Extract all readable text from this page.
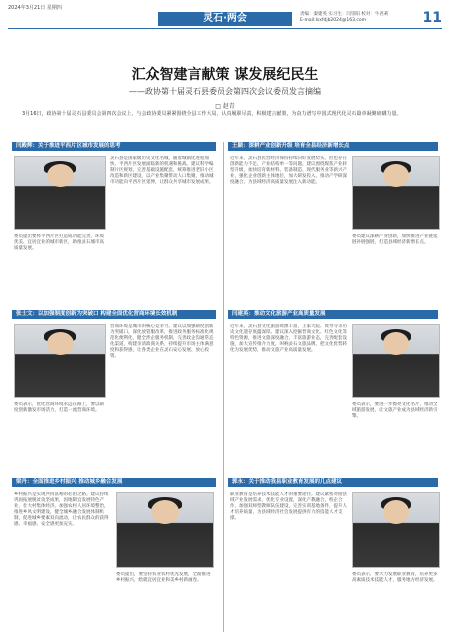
2024年3月21日 星期四
灵石·两会	责编：秦建英 实习生：闫崇阳 校对：牛君莉
E-mail:lsxfdjb2024@163.com	11
汇众智建言献策 谋发展纪民生
——政协第十届灵石县委员会第四次会议委员发言摘编
□ 赵青
3月16日，政协第十届灵石县委员会第四次会议上，与会政协委员紧紧围绕全县工作大局，认真履职尽责，积极建言献策，为奋力谱写中国式现代化灵石篇章凝聚磅礴力量。
闫殿辉：关于推进平西片区城市发展的思考
灵石县是国家级历史文化名城，随着城镇化进程加快，平西片区发展面临新的机遇和挑战。建议科学编制片区规划，完善基础设施配套，统筹推进老旧小区改造和新区建设，以产业集聚带动人口集聚，推动城市功能向平西片区延伸，让群众共享城市发展成果。
委员提出要将平西片区打造成功能完善、环境优美、宜居宜业的城市新区，助推灵石城市高质量发展。
王颖：深耕产业创新升级 培育全县经济新增长点
近年来，灵石县民营经济保持持续向好发展势头，但也存在创新能力不足、产业结构单一等问题。建议围绕煤焦产业转型升级，加快培育新材料、装备制造、现代服务业等新兴产业，强化企业创新主体地位，加大研发投入，推动产学研深度融合，为县域经济高质量发展注入新动能。
委员建议深耕产业创新，加快推进产业链延链补链强链，打造县域经济新增长点。
张士文：以加强制度创新为突破口 构建全面优化营商环境长效机制
营商环境是城市的核心竞争力。建议以加强制度创新为突破口，深化放管服改革，推进政务服务标准化规范化便利化，健全涉企服务机制，完善政企沟通常态化渠道，构建亲清政商关系，持续提升市场主体满意度和获得感，让各类企业在灵石安心发展、放心投资。
委员表示，优化营商环境永远在路上，要以制度创新激发市场活力，打造一流营商环境。
闫建英：推动文化旅游产业高质量发展
近年来，灵石县文化旅游资源丰富，王家大院、资寿寺等历史文化遗存底蕴深厚。建议深入挖掘晋商文化、红色文化等特色资源，推进文旅深度融合，丰富旅游业态，完善配套设施，加大宣传推介力度，叫响灵石文旅品牌，把文化优势转化为发展优势，推动文旅产业高质量发展。
委员表示，要进一步擦亮文化名片，推动全域旅游发展，让文旅产业成为县域经济新引擎。
梁丹：全面推进乡村振兴 推动城乡融合发展
乡村振兴是实现共同富裕的必由之路。建议持续巩固拓展脱贫攻坚成果，因地制宜发展特色产业，壮大村集体经济，加强农村人居环境整治，推进乡风文明建设，健全城乡融合发展体制机制，促进城乡要素双向流动，让农民群众的获得感、幸福感、安全感更加充实。
委员提出，要坚持农业农村优先发展，全面推进乡村振兴，绘就宜居宜业和美乡村新画卷。
郭永：关于推动我县职业教育发展的几点建议
职业教育是培养技术技能人才的重要途径。建议紧密对接县域产业发展需求，优化专业设置，深化产教融合、校企合作，加强双师型教师队伍建设，完善实训基地条件，提升人才培养质量，为县域经济社会发展提供有力的技能人才支撑。
委员表示，要大力发展职业教育，培养更多高素质技术技能人才，服务地方经济发展。
